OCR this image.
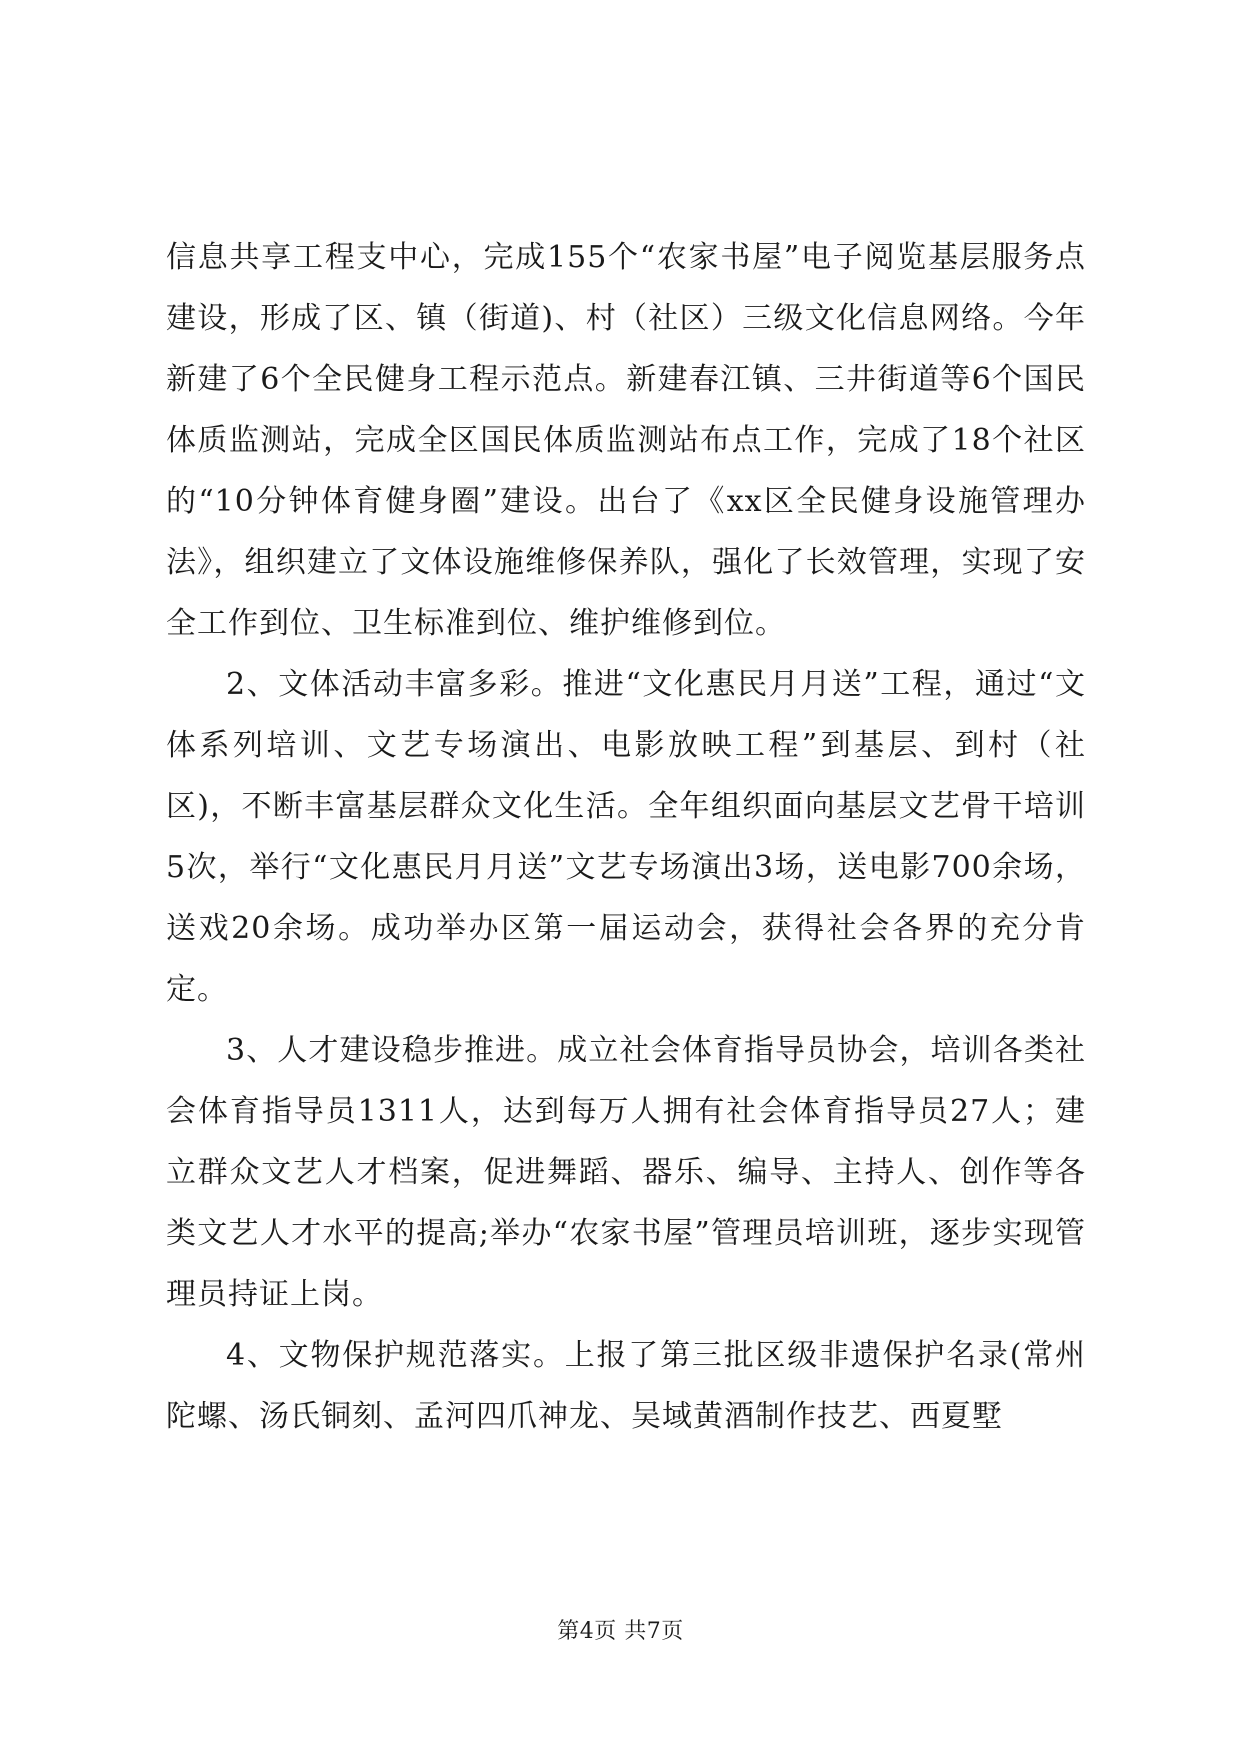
信息共享工程支中心，完成155个“农家书屋”电子阅览基层服务点建设，形成了区、镇（街道)、村（社区）三级文化信息网络。今年新建了6个全民健身工程示范点。新建春江镇、三井街道等6个国民体质监测站，完成全区国民体质监测站布点工作，完成了18个社区的“10分钟体育健身圈”建设。出台了《xx区全民健身设施管理办法》，组织建立了文体设施维修保养队，强化了长效管理，实现了安全工作到位、卫生标准到位、维护维修到位。

2、文体活动丰富多彩。推进“文化惠民月月送”工程，通过“文体系列培训、文艺专场演出、电影放映工程”到基层、到村（社区)，不断丰富基层群众文化生活。全年组织面向基层文艺骨干培训5次，举行“文化惠民月月送”文艺专场演出3场，送电影700余场，送戏20余场。成功举办区第一届运动会，获得社会各界的充分肯定。

3、人才建设稳步推进。成立社会体育指导员协会，培训各类社会体育指导员1311人，达到每万人拥有社会体育指导员27人；建立群众文艺人才档案，促进舞蹈、器乐、编导、主持人、创作等各类文艺人才水平的提高;举办“农家书屋”管理员培训班，逐步实现管理员持证上岗。

4、文物保护规范落实。上报了第三批区级非遗保护名录(常州陀螺、汤氏铜刻、孟河四爪神龙、吴域黄酒制作技艺、西夏墅

第4页 共7页
